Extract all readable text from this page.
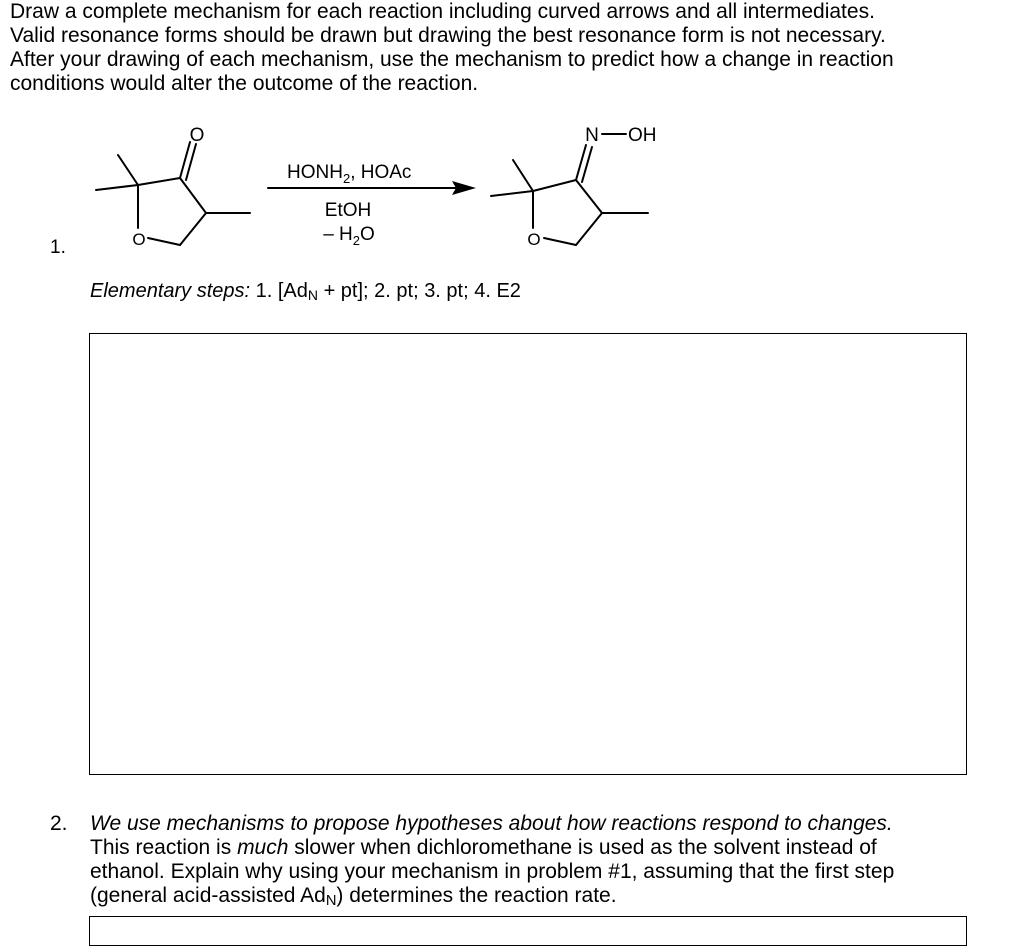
Draw a complete mechanism for each reaction including curved arrows and all intermediates.
Valid resonance forms should be drawn but drawing the best resonance form is not necessary.
After your drawing of each mechanism, use the mechanism to predict how a change in reaction
conditions would alter the outcome of the reaction.
O
O
$HONH_2$, HOAc
EtOH
– $H_2O$
N OH
O
1.
Elementary steps: 1. $[Ad_N + pt]$; 2. pt; 3. pt; 4. E2
2. We use mechanisms to propose hypotheses about how reactions respond to changes.
This reaction is much slower when dichloromethane is used as the solvent instead of
ethanol. Explain why using your mechanism in problem #1, assuming that the first step
(general acid-assisted $Ad_N$) determines the reaction rate.
